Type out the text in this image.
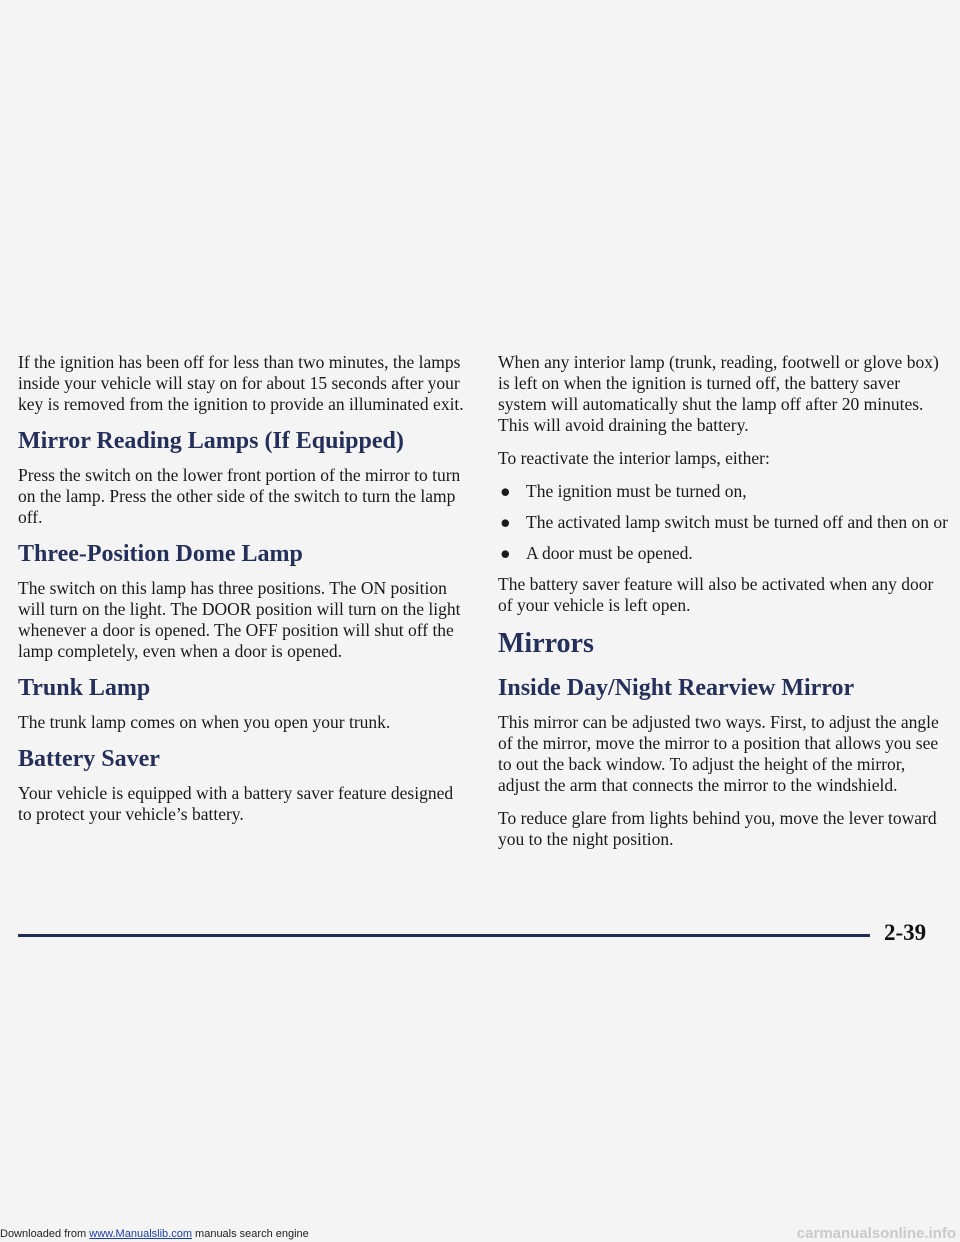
If the ignition has been off for less than two minutes, the lamps inside your vehicle will stay on for about 15 seconds after your key is removed from the ignition to provide an illuminated exit.

Mirror Reading Lamps (If Equipped)

Press the switch on the lower front portion of the mirror to turn on the lamp. Press the other side of the switch to turn the lamp off.

Three-Position Dome Lamp

The switch on this lamp has three positions. The ON position will turn on the light. The DOOR position will turn on the light whenever a door is opened. The OFF position will shut off the lamp completely, even when a door is opened.

Trunk Lamp

The trunk lamp comes on when you open your trunk.

Battery Saver

Your vehicle is equipped with a battery saver feature designed to protect your vehicle’s battery.

When any interior lamp (trunk, reading, footwell or glove box) is left on when the ignition is turned off, the battery saver system will automatically shut the lamp off after 20 minutes. This will avoid draining the battery.

To reactivate the interior lamps, either:

● The ignition must be turned on,
● The activated lamp switch must be turned off and then on or
● A door must be opened.

The battery saver feature will also be activated when any door of your vehicle is left open.

Mirrors
Inside Day/Night Rearview Mirror

This mirror can be adjusted two ways. First, to adjust the angle of the mirror, move the mirror to a position that allows you see to out the back window. To adjust the height of the mirror, adjust the arm that connects the mirror to the windshield.

To reduce glare from lights behind you, move the lever toward you to the night position.

2-39
Downloaded from www.Manualslib.com manuals search engine	carmanualsonline.info
